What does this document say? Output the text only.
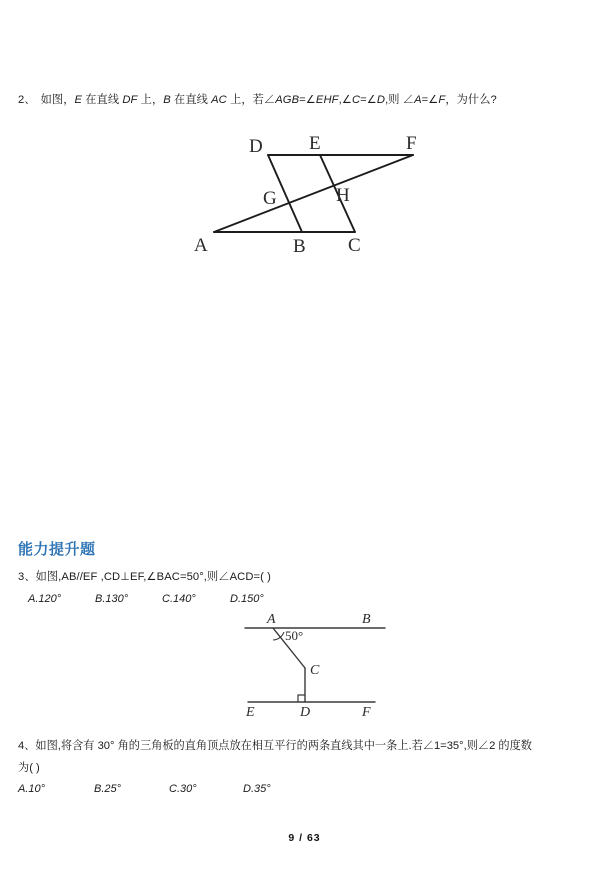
2、 如图，E 在直线 DF 上，B 在直线 AC 上，若∠AGB=∠EHF,∠C=∠D,则 ∠A=∠F，为什么?
A	B C
D E	F
G	H
能力提升题
3、如图,AB//EF ,CD⊥EF,∠BAC=50°,则∠ACD=( )
A.120°	B.130°	C.140°	D.150°
A	B
C
D
E	F
50°
4、如图,将含有 30° 角的三角板的直角顶点放在相互平行的两条直线其中一条上.若∠1=35°,则∠2 的度数
为( )
A.10°	B.25°	C.30°	D.35°
9 / 63
